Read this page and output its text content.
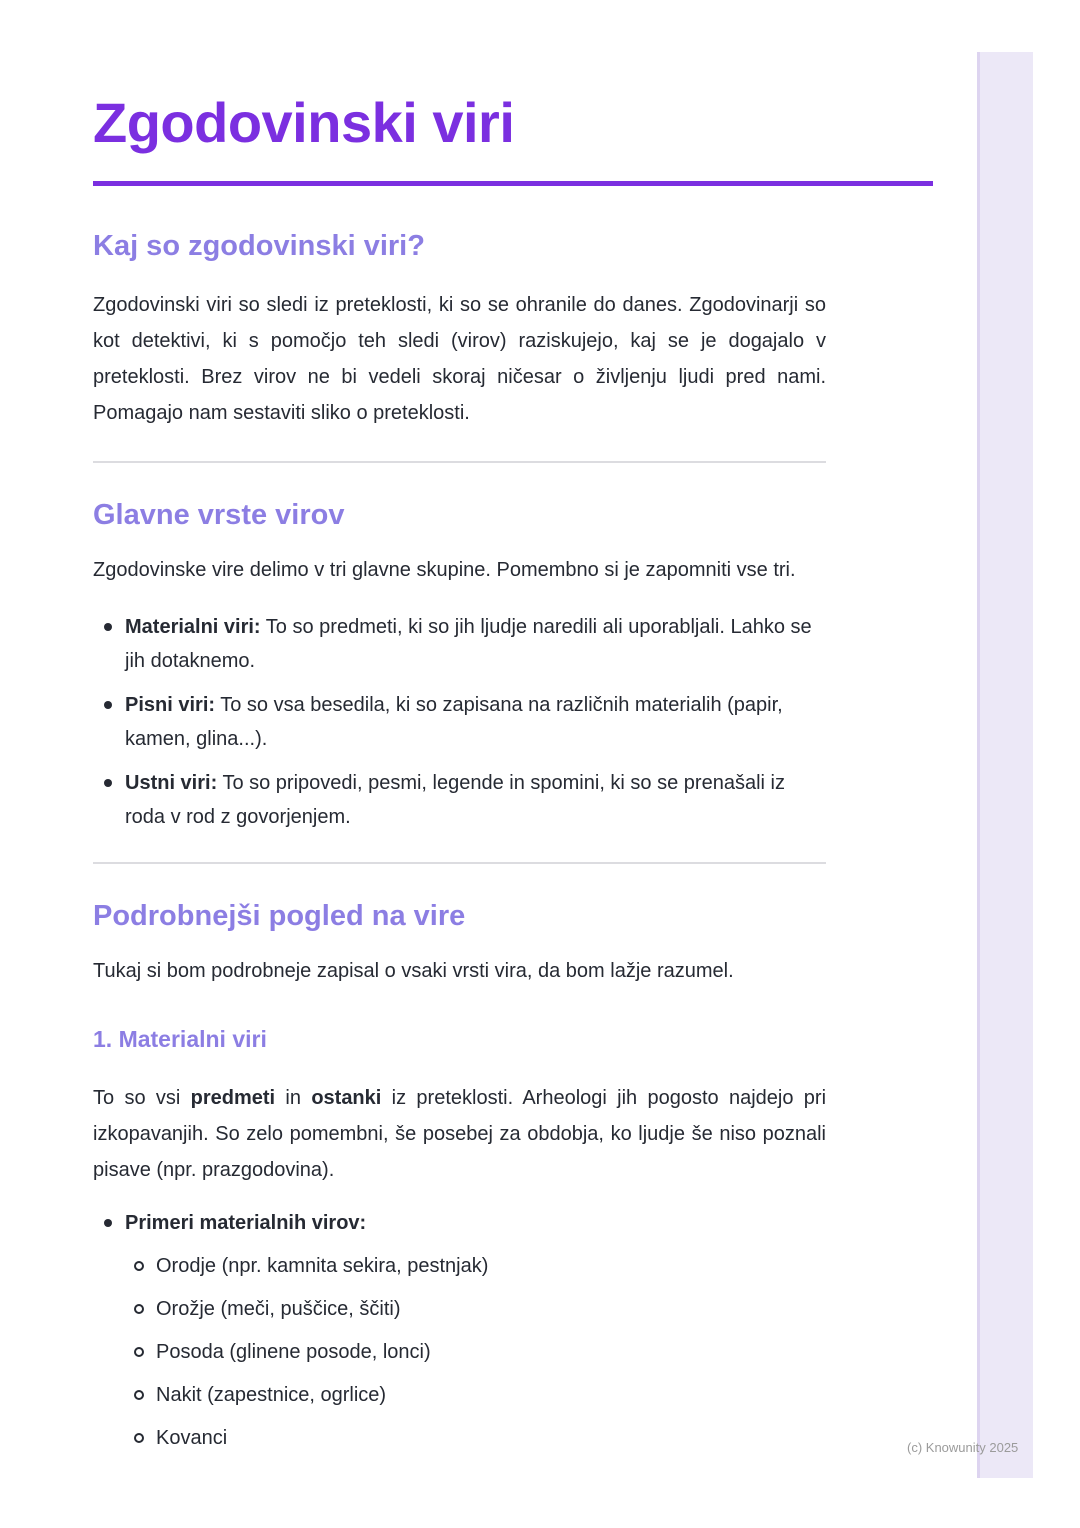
Zgodovinski viri
Kaj so zgodovinski viri?

Zgodovinski viri so sledi iz preteklosti, ki so se ohranile do danes. Zgodovinarji so kot detektivi, ki s pomočjo teh sledi (virov) raziskujejo, kaj se je dogajalo v preteklosti. Brez virov ne bi vedeli skoraj ničesar o življenju ljudi pred nami. Pomagajo nam sestaviti sliko o preteklosti.

Glavne vrste virov

Zgodovinske vire delimo v tri glavne skupine. Pomembno si je zapomniti vse tri.

Materialni viri: To so predmeti, ki so jih ljudje naredili ali uporabljali. Lahko se jih dotaknemo.
Pisni viri: To so vsa besedila, ki so zapisana na različnih materialih (papir, kamen, glina...).
Ustni viri: To so pripovedi, pesmi, legende in spomini, ki so se prenašali iz roda v rod z govorjenjem.
Podrobnejši pogled na vire

Tukaj si bom podrobneje zapisal o vsaki vrsti vira, da bom lažje razumel.

1. Materialni viri

To so vsi predmeti in ostanki iz preteklosti. Arheologi jih pogosto najdejo pri izkopavanjih. So zelo pomembni, še posebej za obdobja, ko ljudje še niso poznali pisave (npr. prazgodovina).

Primeri materialnih virov:
Orodje (npr. kamnita sekira, pestnjak)
Orožje (meči, puščice, ščiti)
Posoda (glinene posode, lonci)
Nakit (zapestnice, ogrlice)
Kovanci	(c) Knowunity 2025
